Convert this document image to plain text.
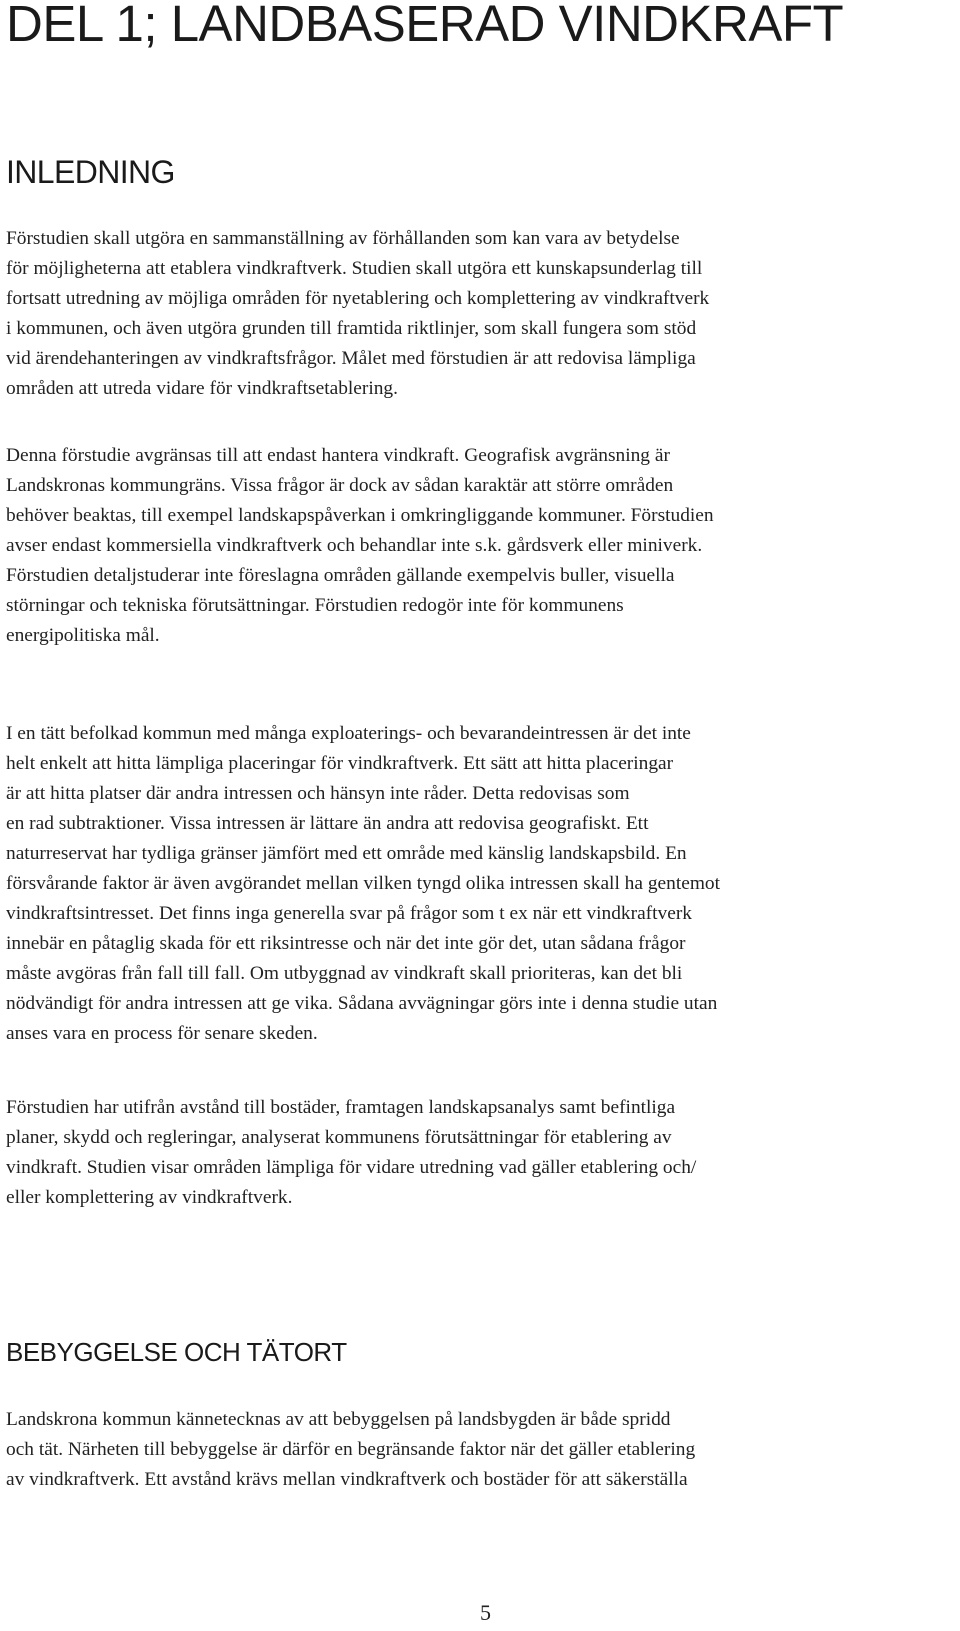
DEL 1; LANDBASERAD VINDKRAFT
INLEDNING

Förstudien skall utgöra en sammanställning av förhållanden som kan vara av betydelse
för möjligheterna att etablera vindkraftverk. Studien skall utgöra ett kunskapsunderlag till
fortsatt utredning av möjliga områden för nyetablering och komplettering av vindkraftverk
i kommunen, och även utgöra grunden till framtida riktlinjer, som skall fungera som stöd
vid ärendehanteringen av vindkraftsfrågor. Målet med förstudien är att redovisa lämpliga
områden att utreda vidare för vindkraftsetablering.

Denna förstudie avgränsas till att endast hantera vindkraft. Geografisk avgränsning är
Landskronas kommungräns. Vissa frågor är dock av sådan karaktär att större områden
behöver beaktas, till exempel landskapspåverkan i omkringliggande kommuner. Förstudien
avser endast kommersiella vindkraftverk och behandlar inte s.k. gårdsverk eller miniverk.
Förstudien detaljstuderar inte föreslagna områden gällande exempelvis buller, visuella
störningar och tekniska förutsättningar. Förstudien redogör inte för kommunens
energipolitiska mål.

I en tätt befolkad kommun med många exploaterings- och bevarandeintressen är det inte
helt enkelt att hitta lämpliga placeringar för vindkraftverk. Ett sätt att hitta placeringar
är att hitta platser där andra intressen och hänsyn inte råder. Detta redovisas som
en rad subtraktioner. Vissa intressen är lättare än andra att redovisa geografiskt. Ett
naturreservat har tydliga gränser jämfört med ett område med känslig landskapsbild. En
försvårande faktor är även avgörandet mellan vilken tyngd olika intressen skall ha gentemot
vindkraftsintresset. Det finns inga generella svar på frågor som t ex när ett vindkraftverk
innebär en påtaglig skada för ett riksintresse och när det inte gör det, utan sådana frågor
måste avgöras från fall till fall. Om utbyggnad av vindkraft skall prioriteras, kan det bli
nödvändigt för andra intressen att ge vika. Sådana avvägningar görs inte i denna studie utan
anses vara en process för senare skeden.

Förstudien har utifrån avstånd till bostäder, framtagen landskapsanalys samt befintliga
planer, skydd och regleringar, analyserat kommunens förutsättningar för etablering av
vindkraft. Studien visar områden lämpliga för vidare utredning vad gäller etablering och/
eller komplettering av vindkraftverk.

BEBYGGELSE OCH TÄTORT

Landskrona kommun kännetecknas av att bebyggelsen på landsbygden är både spridd
och tät. Närheten till bebyggelse är därför en begränsande faktor när det gäller etablering
av vindkraftverk. Ett avstånd krävs mellan vindkraftverk och bostäder för att säkerställa

5
